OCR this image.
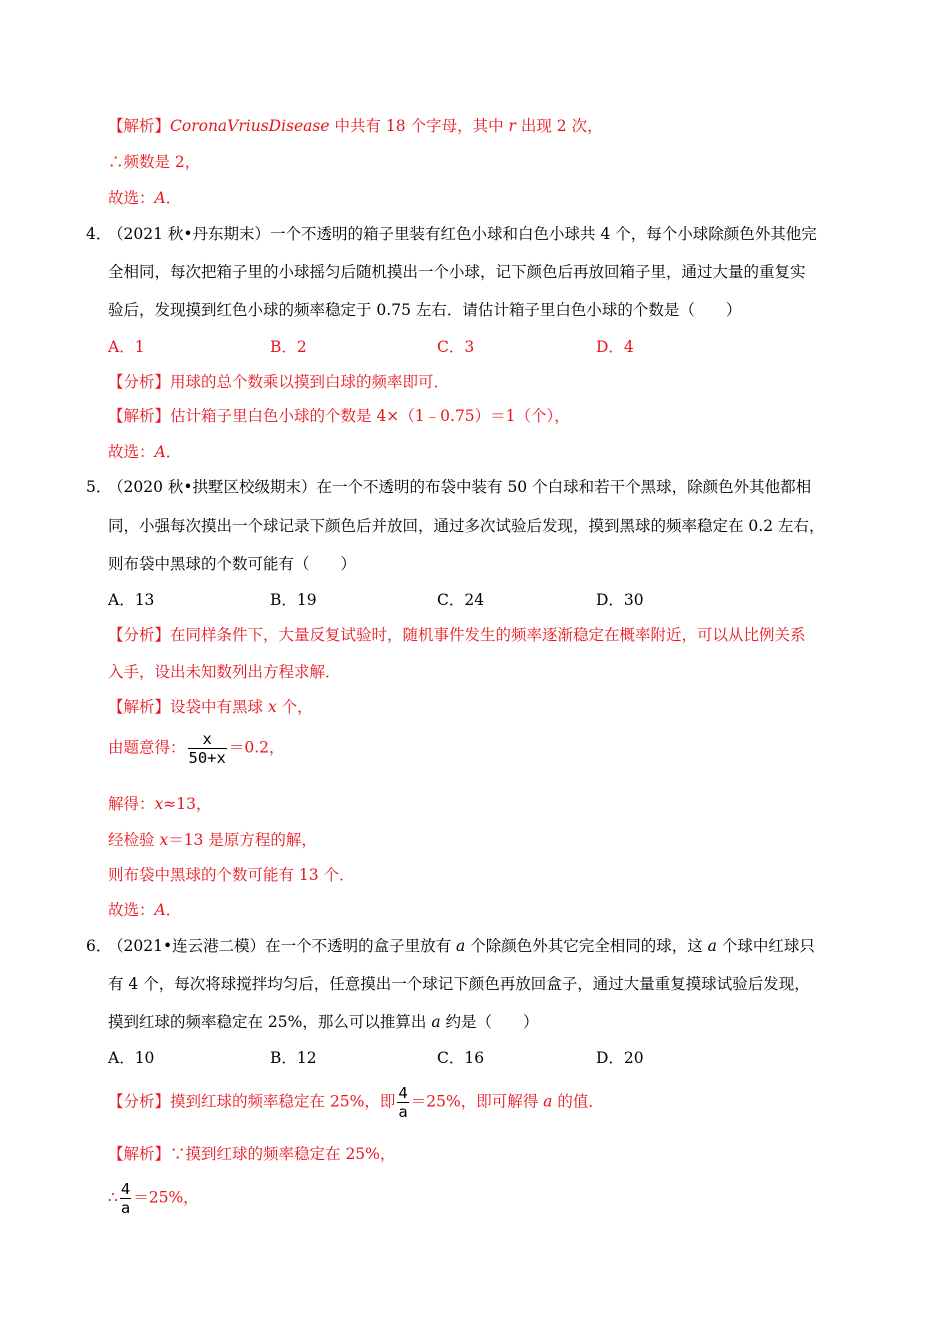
【解析】CoronaVriusDisease 中共有 18 个字母，其中 r 出现 2 次，
∴频数是 2，
故选：A．
4．
（2021 秋•丹东期末）一个不透明的箱子里装有红色小球和白色小球共 4 个，每个小球除颜色外其他完
全相同，每次把箱子里的小球摇匀后随机摸出一个小球，记下颜色后再放回箱子里，通过大量的重复实
验后，发现摸到红色小球的频率稳定于 0.75 左右．请估计箱子里白色小球的个数是（　　）
A．1	B．2	C．3	D．4
【分析】用球的总个数乘以摸到白球的频率即可．
【解析】估计箱子里白色小球的个数是 4×（1﹣0.75）＝1（个），
故选：A．
5．
（2020 秋•拱墅区校级期末）在一个不透明的布袋中装有 50 个白球和若干个黑球，除颜色外其他都相
同，小强每次摸出一个球记录下颜色后并放回，通过多次试验后发现，摸到黑球的频率稳定在 0.2 左右，
则布袋中黑球的个数可能有（　　）
A．13	B．19	C．24	D．30
【分析】在同样条件下，大量反复试验时，随机事件发生的频率逐渐稳定在概率附近，可以从比例关系
入手，设出未知数列出方程求解．
【解析】设袋中有黑球 x 个，
由题意得： $\frac{x}{50+x} =0.2$，
解得：x≈13，
经检验 x＝13 是原方程的解，
则布袋中黑球的个数可能有 13 个．
故选：A．
6．
（2021•连云港二模）在一个不透明的盒子里放有 a 个除颜色外其它完全相同的球，这 a 个球中红球只
有 4 个，每次将球搅拌均匀后，任意摸出一个球记下颜色再放回盒子，通过大量重复摸球试验后发现，
摸到红球的频率稳定在 25%，那么可以推算出 a 约是（　　）
A．10	B．12	C．16	D．20
【分析】摸到红球的频率稳定在 25%，即 $\frac{4}{a} =25\%$，即可解得 a 的值．
【解析】∵摸到红球的频率稳定在 25%，
∴ $\frac{4}{a} =25\%$，
